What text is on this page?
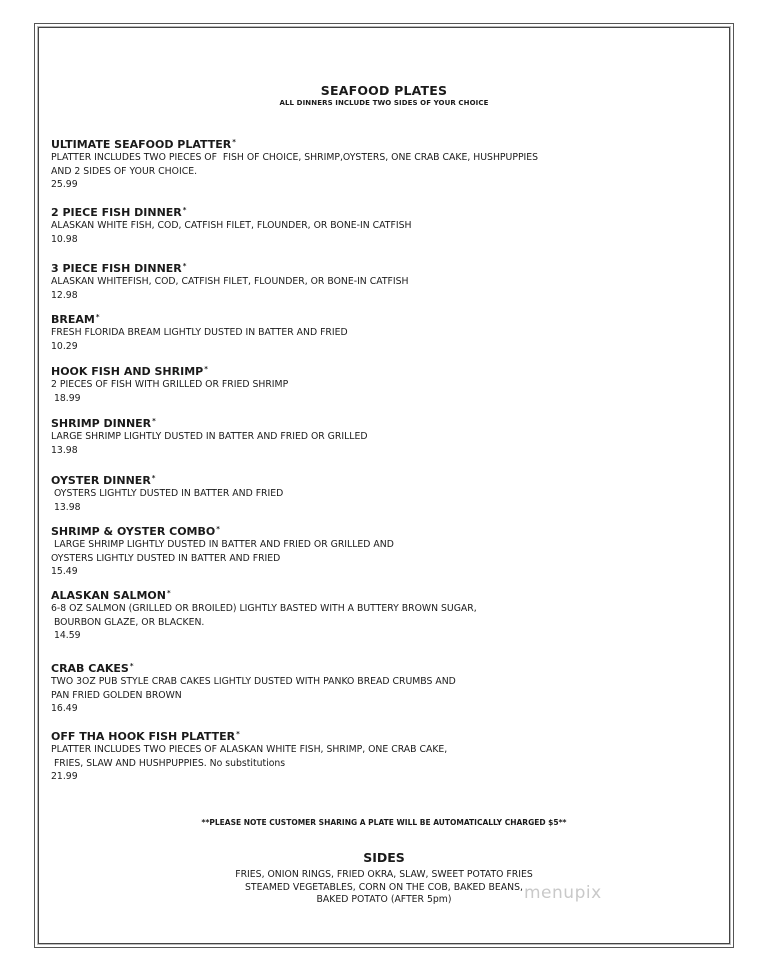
SEAFOOD PLATES
ALL DINNERS INCLUDE TWO SIDES OF YOUR CHOICE
ULTIMATE SEAFOOD PLATTER*
PLATTER INCLUDES TWO PIECES OF  FISH OF CHOICE, SHRIMP,OYSTERS, ONE CRAB CAKE, HUSHPUPPIES
AND 2 SIDES OF YOUR CHOICE.
25.99
2 PIECE FISH DINNER*
ALASKAN WHITE FISH, COD, CATFISH FILET, FLOUNDER, OR BONE-IN CATFISH
10.98
3 PIECE FISH DINNER*
ALASKAN WHITEFISH, COD, CATFISH FILET, FLOUNDER, OR BONE-IN CATFISH
12.98
BREAM*
FRESH FLORIDA BREAM LIGHTLY DUSTED IN BATTER AND FRIED
10.29
HOOK FISH AND SHRIMP*
2 PIECES OF FISH WITH GRILLED OR FRIED SHRIMP
18.99
SHRIMP DINNER*
LARGE SHRIMP LIGHTLY DUSTED IN BATTER AND FRIED OR GRILLED
13.98
OYSTER DINNER*
OYSTERS LIGHTLY DUSTED IN BATTER AND FRIED
13.98
SHRIMP & OYSTER COMBO*
LARGE SHRIMP LIGHTLY DUSTED IN BATTER AND FRIED OR GRILLED AND
OYSTERS LIGHTLY DUSTED IN BATTER AND FRIED
15.49
ALASKAN SALMON*
6-8 OZ SALMON (GRILLED OR BROILED) LIGHTLY BASTED WITH A BUTTERY BROWN SUGAR,
BOURBON GLAZE, OR BLACKEN.
14.59
CRAB CAKES*
TWO 3OZ PUB STYLE CRAB CAKES LIGHTLY DUSTED WITH PANKO BREAD CRUMBS AND
PAN FRIED GOLDEN BROWN
16.49
OFF THA HOOK FISH PLATTER*
PLATTER INCLUDES TWO PIECES OF ALASKAN WHITE FISH, SHRIMP, ONE CRAB CAKE,
FRIES, SLAW AND HUSHPUPPIES. No substitutions
21.99
**PLEASE NOTE CUSTOMER SHARING A PLATE WILL BE AUTOMATICALLY CHARGED $5**
SIDES
FRIES, ONION RINGS, FRIED OKRA, SLAW, SWEET POTATO FRIES
STEAMED VEGETABLES, CORN ON THE COB, BAKED BEANS,
BAKED POTATO (AFTER 5pm)	menupix
